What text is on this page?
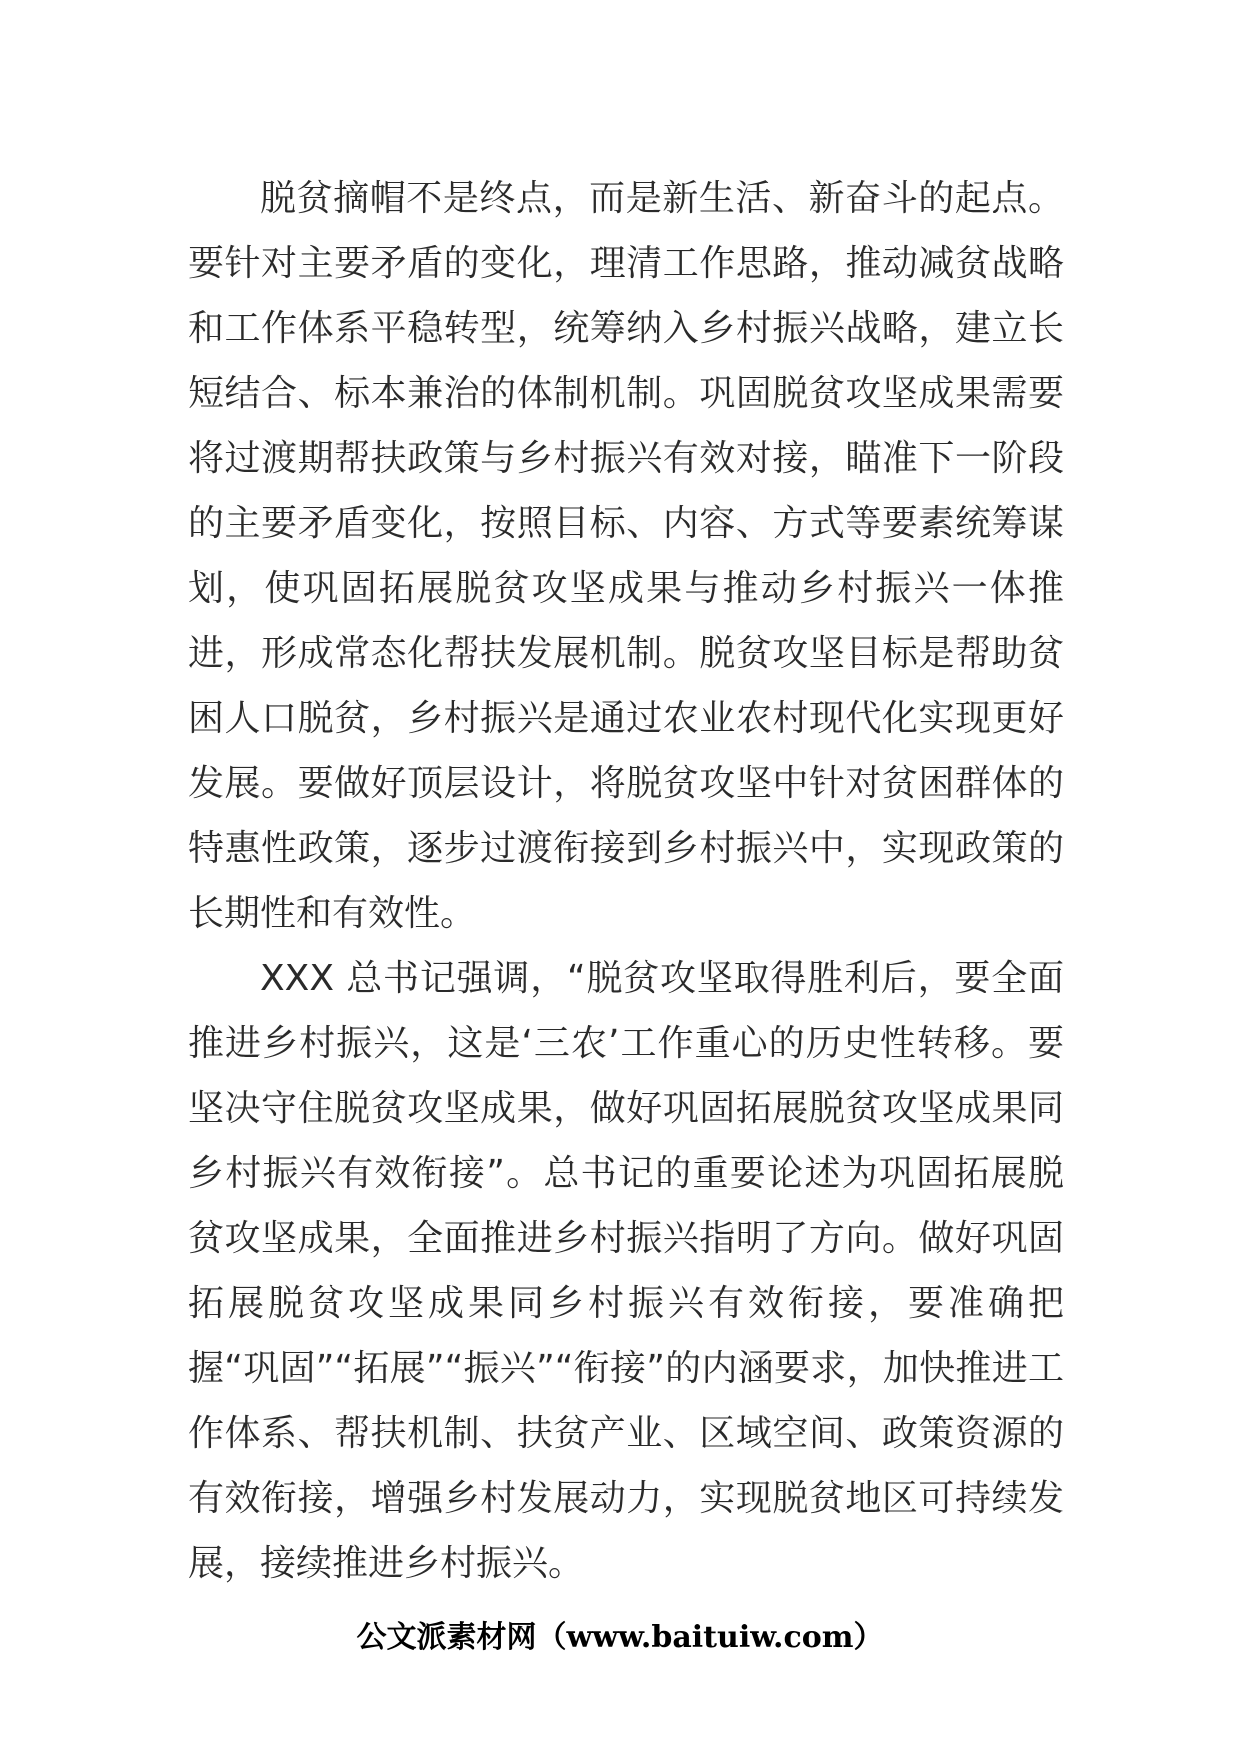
脱贫摘帽不是终点，而是新生活、新奋斗的起点。要针对主要矛盾的变化，理清工作思路，推动减贫战略和工作体系平稳转型，统筹纳入乡村振兴战略，建立长短结合、标本兼治的体制机制。巩固脱贫攻坚成果需要将过渡期帮扶政策与乡村振兴有效对接，瞄准下一阶段的主要矛盾变化，按照目标、内容、方式等要素统筹谋划，使巩固拓展脱贫攻坚成果与推动乡村振兴一体推进，形成常态化帮扶发展机制。脱贫攻坚目标是帮助贫困人口脱贫，乡村振兴是通过农业农村现代化实现更好发展。要做好顶层设计，将脱贫攻坚中针对贫困群体的特惠性政策，逐步过渡衔接到乡村振兴中，实现政策的长期性和有效性。

XXX 总书记强调，“脱贫攻坚取得胜利后，要全面推进乡村振兴，这是‘三农’工作重心的历史性转移。要坚决守住脱贫攻坚成果，做好巩固拓展脱贫攻坚成果同乡村振兴有效衔接”。总书记的重要论述为巩固拓展脱贫攻坚成果，全面推进乡村振兴指明了方向。做好巩固拓展脱贫攻坚成果同乡村振兴有效衔接，要准确把握“巩固”“拓展”“振兴”“衔接”的内涵要求，加快推进工作体系、帮扶机制、扶贫产业、区域空间、政策资源的有效衔接，增强乡村发展动力，实现脱贫地区可持续发展，接续推进乡村振兴。

公文派素材网（www.baituiw.com）
